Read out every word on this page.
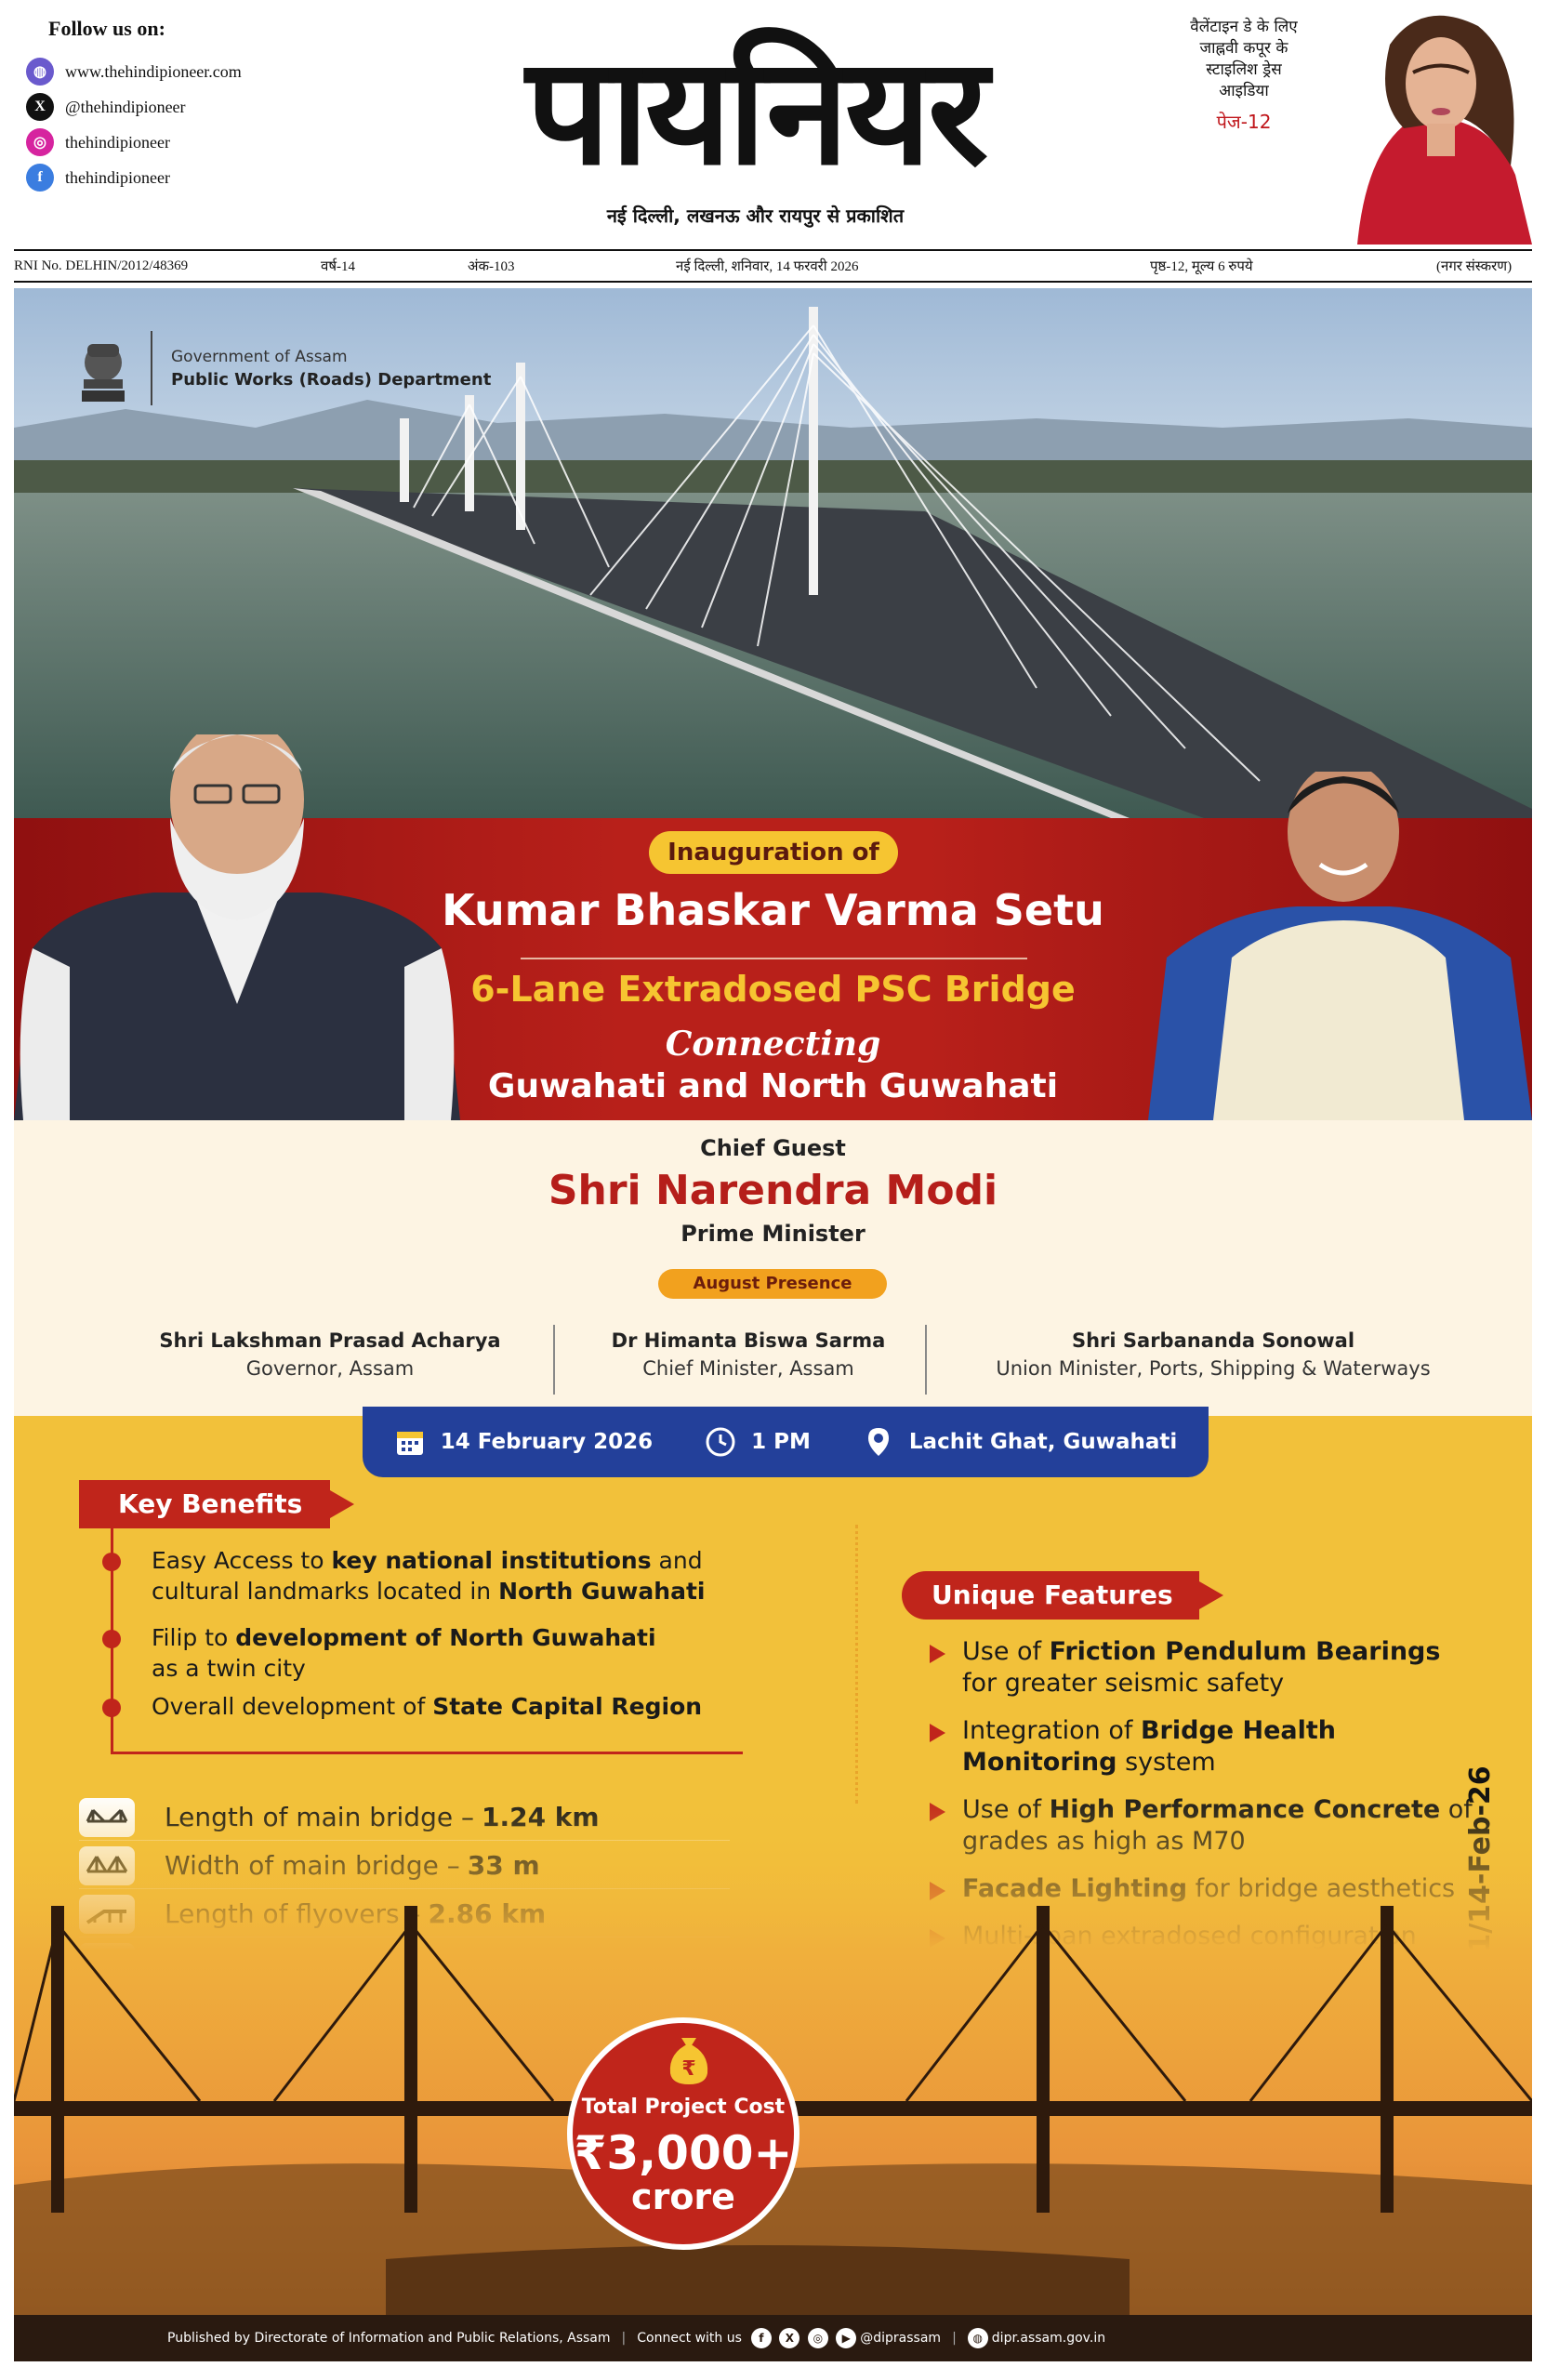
Follow us on:
◍	www.thehindipioneer.com
X	@thehindipioneer
◎	thehindipioneer
f	thehindipioneer	पायनियर
नई दिल्ली, लखनऊ और रायपुर से प्रकाशित
वैलेंटाइन डे के लिए जाह्नवी कपूर के स्टाइलिश ड्रेस आइडिया
पेज-12
RNI No. DELHIN/2012/48369	वर्ष-14	अंक-103	नई दिल्ली, शनिवार, 14 फरवरी 2026	पृष्ठ-12, मूल्य 6 रुपये	(नगर संस्करण)
Government of Assam
Public Works (Roads) Department
Inauguration of
Kumar Bhaskar Varma Setu
6-Lane Extradosed PSC Bridge
Connecting
Guwahati and North Guwahati
Chief Guest
Shri Narendra Modi
Prime Minister
August Presence
Shri Lakshman Prasad Acharya
Governor, Assam
Dr Himanta Biswa Sarma
Chief Minister, Assam
Shri Sarbananda Sonowal
Union Minister, Ports, Shipping & Waterways
14 February 2026	1 PM	Lachit Ghat, Guwahati
Key Benefits
Easy Access to key national institutions and
cultural landmarks located in North Guwahati
Filip to development of North Guwahati
as a twin city
Overall development of State Capital Region
Unique Features
Use of Friction Pendulum Bearings
for greater seismic safety
Integration of Bridge Health
Monitoring system
₹
Total Project Cost
₹3,000+
crore
Published by Directorate of Information and Public Relations, Assam | Connect with us	f X ◎ ▶ @diprassam |	◍ dipr.assam.gov.in
